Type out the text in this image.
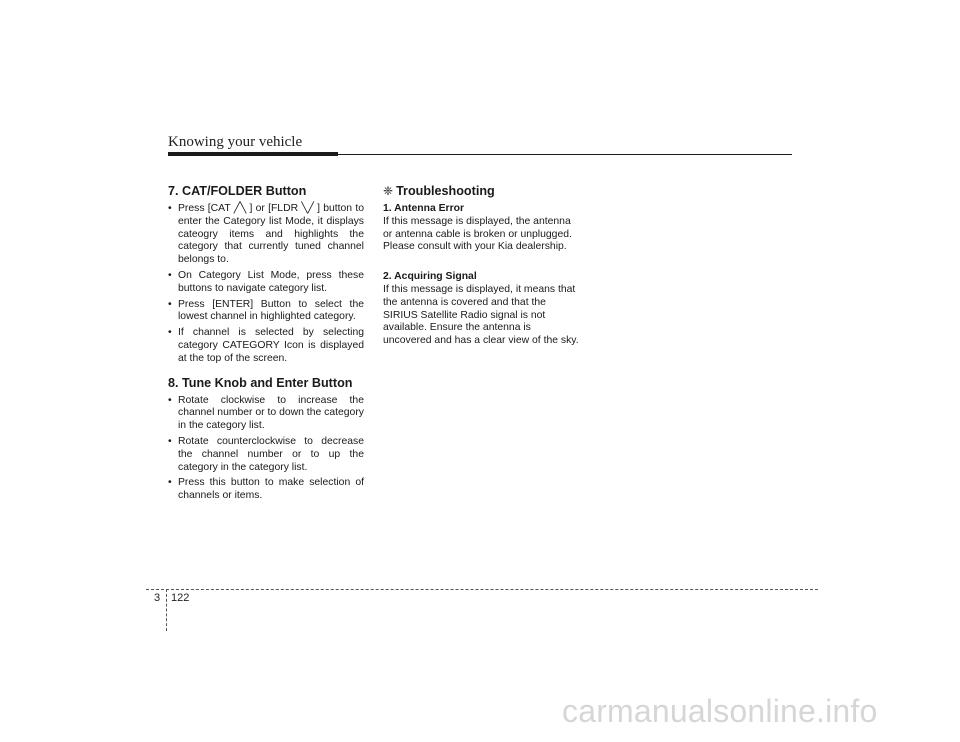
Knowing your vehicle
7. CAT/FOLDER Button
• Press [CAT ╱╲ ] or [FLDR ╲╱ ] button to enter the Category list Mode, it displays cateogry items and highlights the category that currently tuned channel belongs to.
• On Category List Mode, press these buttons to navigate category list.
• Press [ENTER] Button to select the lowest channel in highlighted category.
• If channel is selected by selecting category CATEGORY Icon is displayed at the top of the screen.
8. Tune Knob and Enter Button
• Rotate clockwise to increase the channel number or to down the category in the category list.
• Rotate counterclockwise to decrease the channel number or to up the category in the category list.
• Press this button to make selection of channels or items.
❈ Troubleshooting
1. Antenna Error

If this message is displayed, the antenna or antenna cable is broken or unplugged. Please consult with your Kia dealership.

2. Acquiring Signal

If this message is displayed, it means that the antenna is covered and that the SIRIUS Satellite Radio signal is not available. Ensure the antenna is uncovered and has a clear view of the sky.

3 122
carmanualsonline.info
